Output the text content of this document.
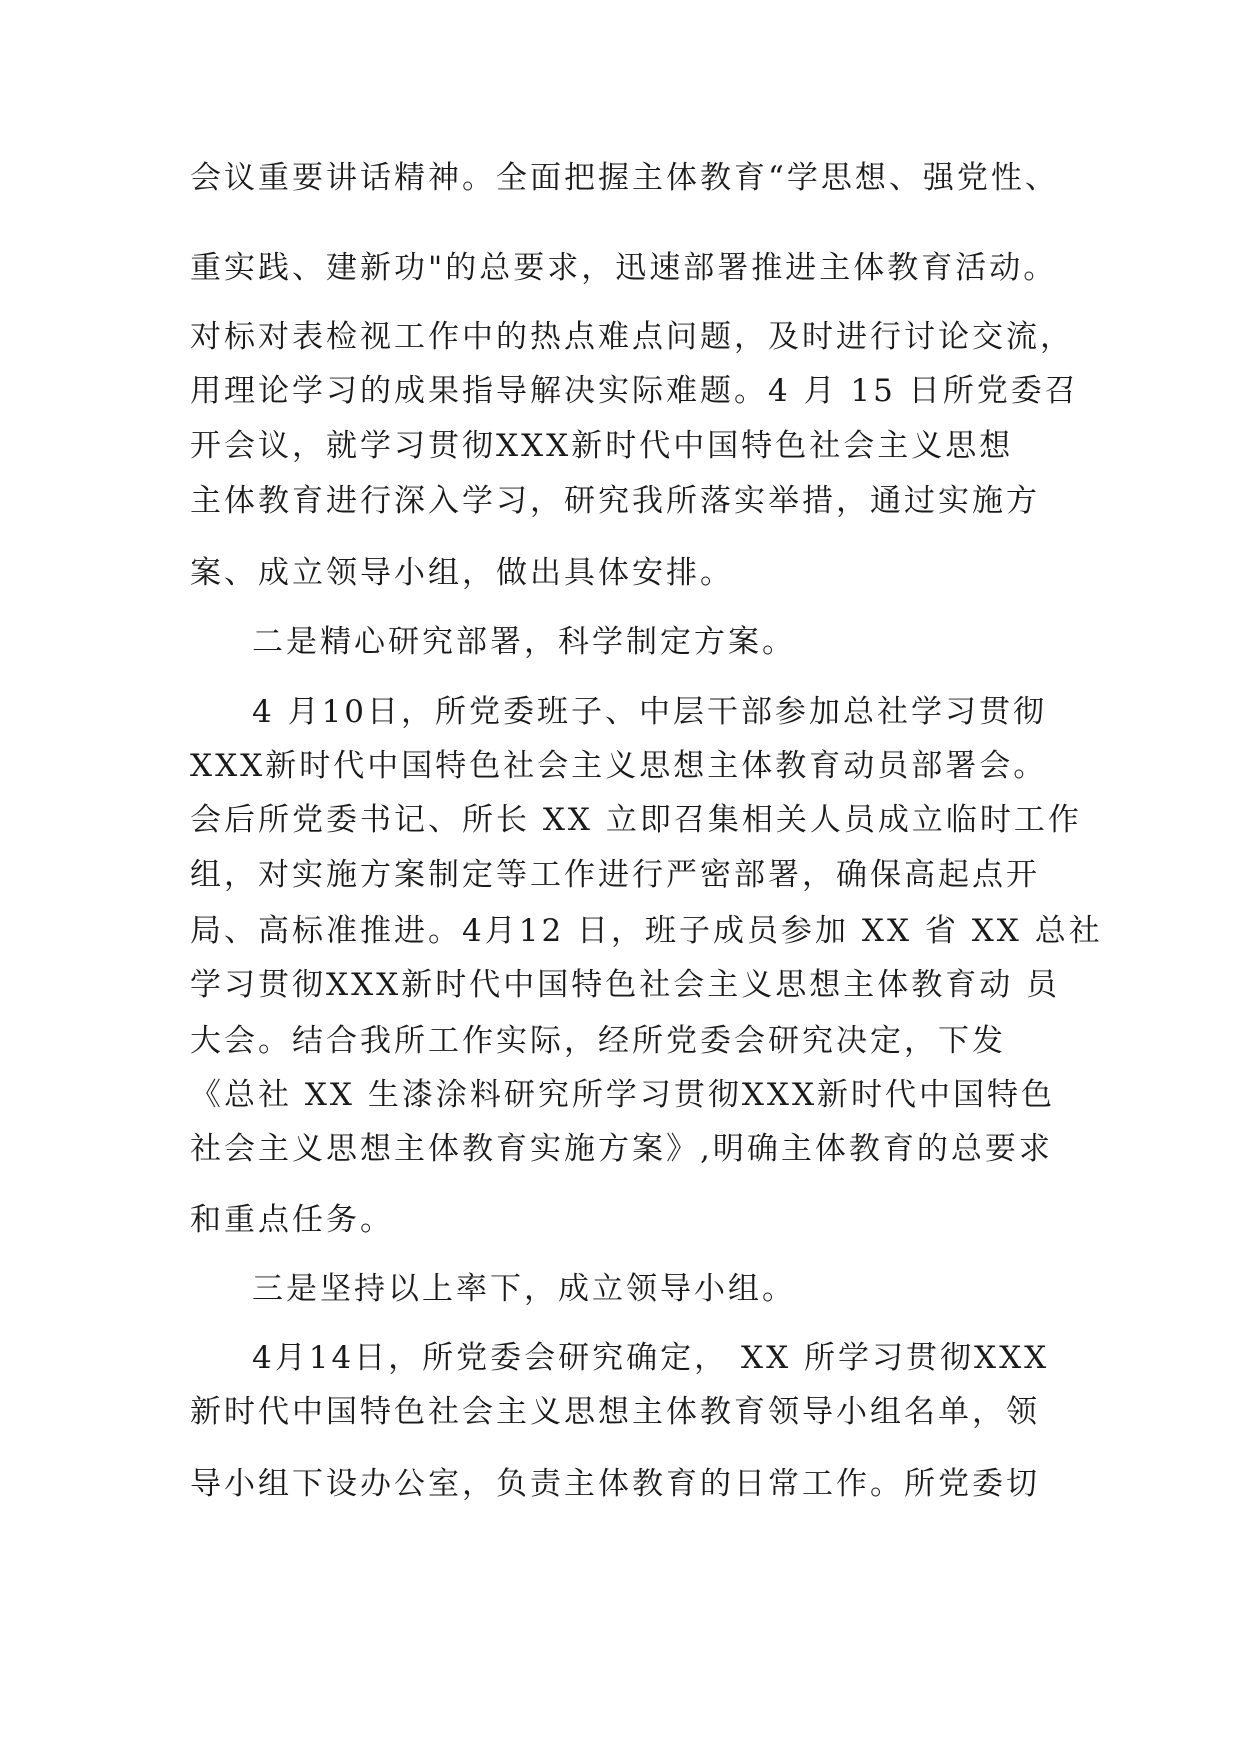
会议重要讲话精神。全面把握主体教育“学思想、强党性、
重实践、建新功"的总要求，迅速部署推进主体教育活动。
对标对表检视工作中的热点难点问题，及时进行讨论交流，
用理论学习的成果指导解决实际难题。4 月 15 日所党委召
开会议，就学习贯彻XXX新时代中国特色社会主义思想
主体教育进行深入学习，研究我所落实举措，通过实施方
案、成立领导小组，做出具体安排。
二是精心研究部署，科学制定方案。
4 月10日，所党委班子、中层干部参加总社学习贯彻
XXX新时代中国特色社会主义思想主体教育动员部署会。
会后所党委书记、所长 XX 立即召集相关人员成立临时工作
组，对实施方案制定等工作进行严密部署，确保高起点开
局、高标准推进。4月12 日，班子成员参加 XX 省 XX 总社
学习贯彻XXX新时代中国特色社会主义思想主体教育动 员
大会。结合我所工作实际，经所党委会研究决定，下发
《总社 XX 生漆涂料研究所学习贯彻XXX新时代中国特色
社会主义思想主体教育实施方案》,明确主体教育的总要求
和重点任务。
三是坚持以上率下，成立领导小组。
4月14日，所党委会研究确定， XX 所学习贯彻XXX
新时代中国特色社会主义思想主体教育领导小组名单，领
导小组下设办公室，负责主体教育的日常工作。所党委切
